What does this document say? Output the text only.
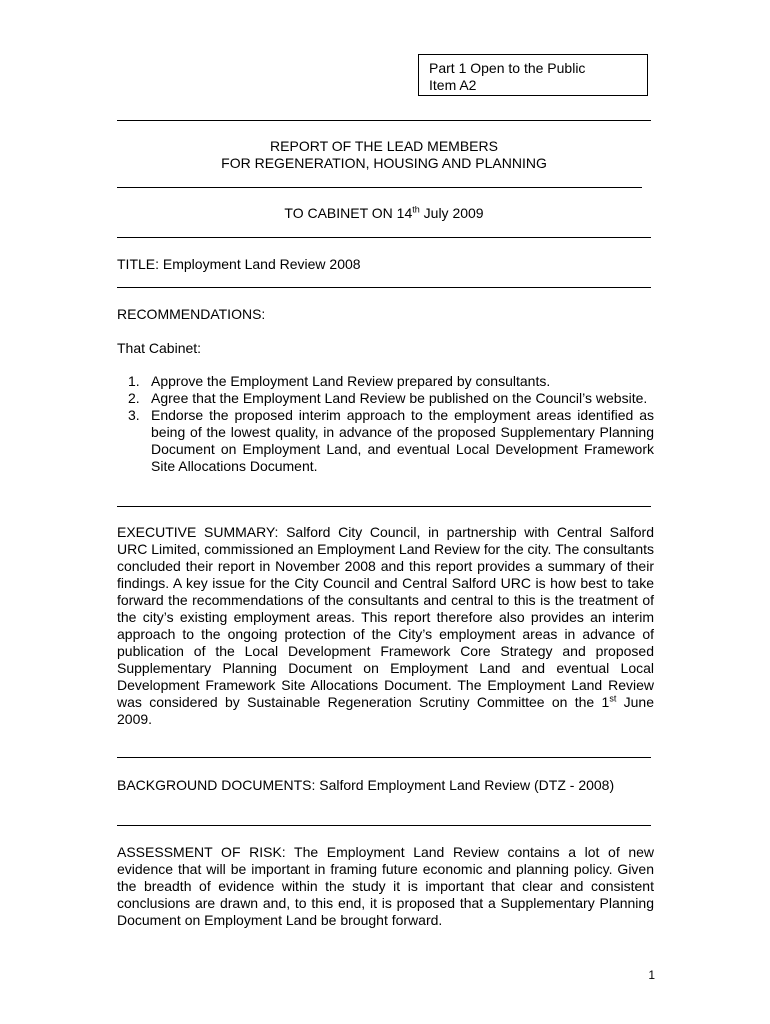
Part 1 Open to the Public
Item A2
REPORT OF THE LEAD MEMBERS
FOR REGENERATION, HOUSING AND PLANNING
TO CABINET ON 14th July 2009
TITLE: Employment Land Review 2008
RECOMMENDATIONS:
That Cabinet:
1. Approve the Employment Land Review prepared by consultants.
2. Agree that the Employment Land Review be published on the Council’s website.
3. Endorse the proposed interim approach to the employment areas identified as being of the lowest quality, in advance of the proposed Supplementary Planning Document on Employment Land, and eventual Local Development Framework Site Allocations Document.
EXECUTIVE SUMMARY: Salford City Council, in partnership with Central Salford URC Limited, commissioned an Employment Land Review for the city. The consultants concluded their report in November 2008 and this report provides a summary of their findings. A key issue for the City Council and Central Salford URC is how best to take forward the recommendations of the consultants and central to this is the treatment of the city’s existing employment areas. This report therefore also provides an interim approach to the ongoing protection of the City’s employment areas in advance of publication of the Local Development Framework Core Strategy and proposed Supplementary Planning Document on Employment Land and eventual Local Development Framework Site Allocations Document. The Employment Land Review was considered by Sustainable Regeneration Scrutiny Committee on the 1st June 2009.
BACKGROUND DOCUMENTS: Salford Employment Land Review (DTZ - 2008)
ASSESSMENT OF RISK: The Employment Land Review contains a lot of new evidence that will be important in framing future economic and planning policy. Given the breadth of evidence within the study it is important that clear and consistent conclusions are drawn and, to this end, it is proposed that a Supplementary Planning Document on Employment Land be brought forward.
1
